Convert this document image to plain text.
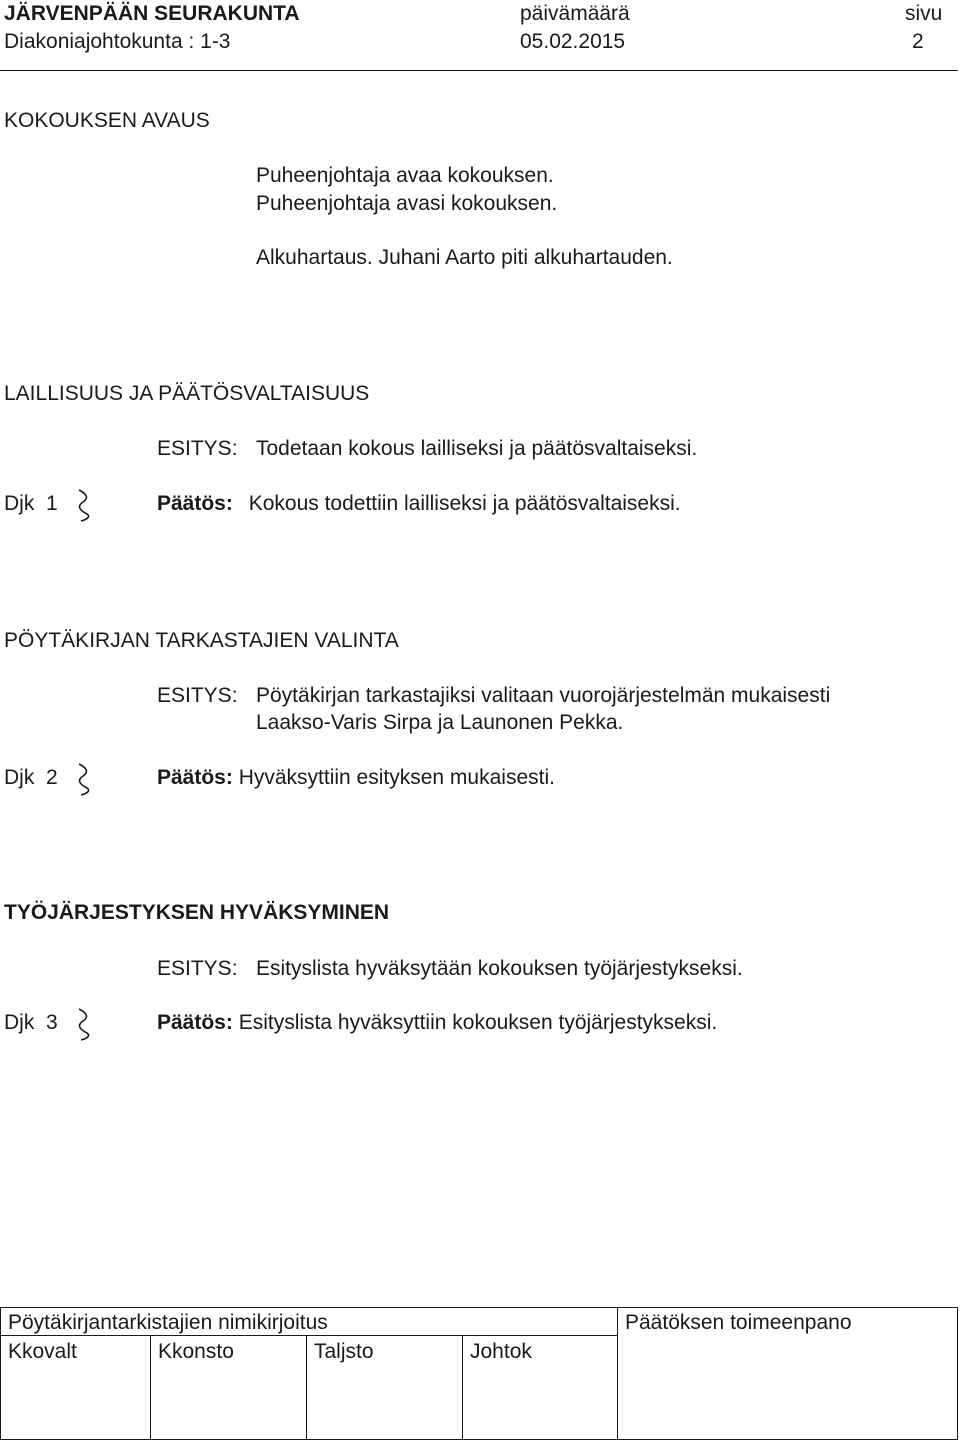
JÄRVENPÄÄN SEURAKUNTA	päivämäärä	sivu
Diakoniajohtokunta : 1-3	05.02.2015	2
KOKOUKSEN AVAUS
Puheenjohtaja avaa kokouksen.
Puheenjohtaja avasi kokouksen.
Alkuhartaus. Juhani Aarto piti alkuhartauden.
LAILLISUUS JA PÄÄTÖSVALTAISUUS
ESITYS: Todetaan kokous lailliseksi ja päätösvaltaiseksi.
Djk 1	Päätös: Kokous todettiin lailliseksi ja päätösvaltaiseksi.
PÖYTÄKIRJAN TARKASTAJIEN VALINTA
ESITYS: Pöytäkirjan tarkastajiksi valitaan vuorojärjestelmän mukaisesti
Laakso-Varis Sirpa ja Launonen Pekka.
Djk 2	Päätös: Hyväksyttiin esityksen mukaisesti.
TYÖJÄRJESTYKSEN HYVÄKSYMINEN
ESITYS: Esityslista hyväksytään kokouksen työjärjestykseksi.
Djk 3	Päätös: Esityslista hyväksyttiin kokouksen työjärjestykseksi.
Pöytäkirjantarkistajien nimikirjoitus	Päätöksen toimeenpano
Kkovalt	Kkonsto	Taljsto	Johtok
